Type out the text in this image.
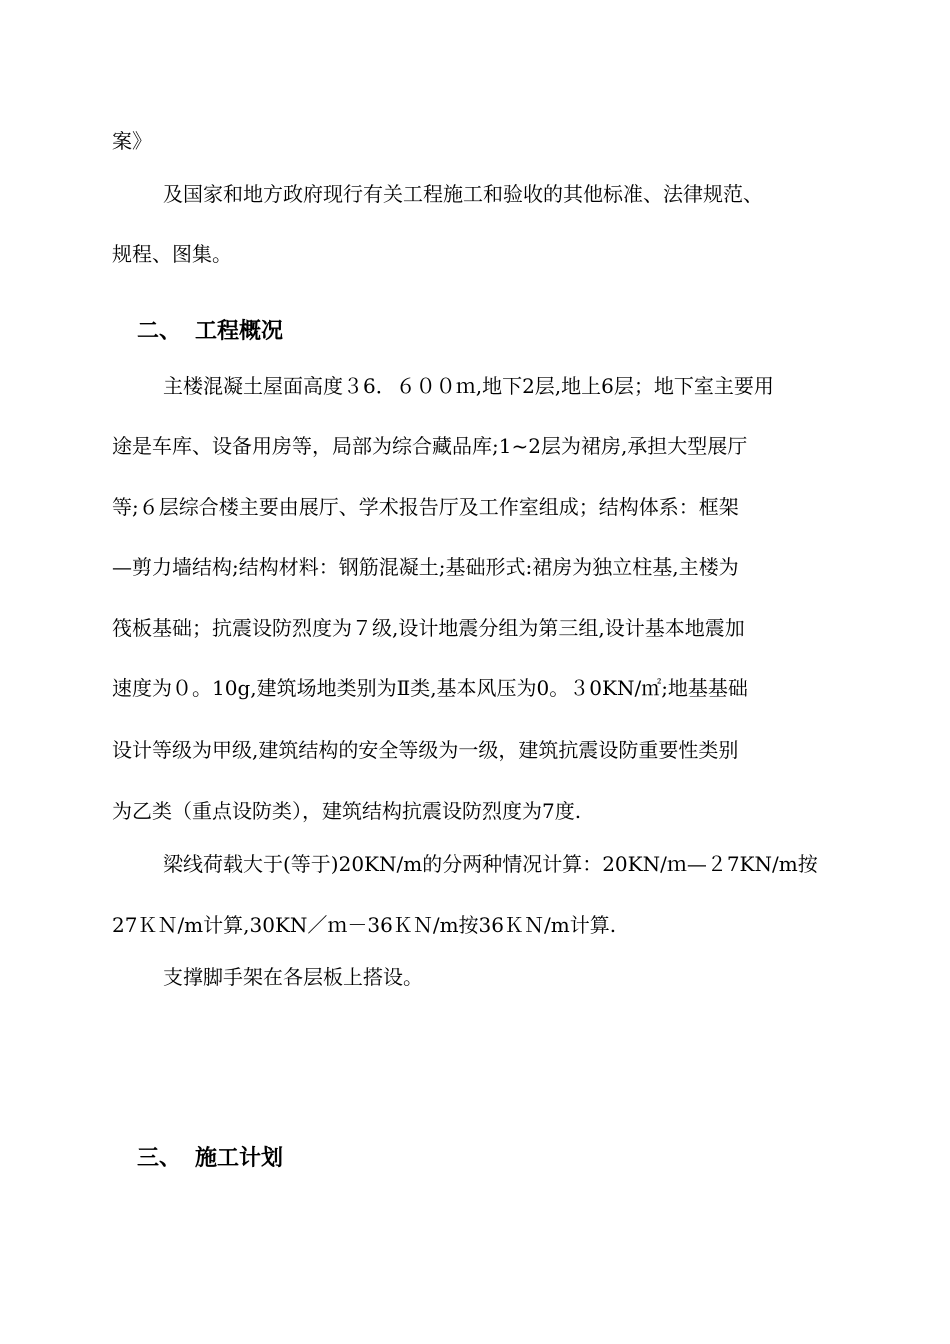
案》
及国家和地方政府现行有关工程施工和验收的其他标准、法律规范、
规程、图集。
二、 工程概况
主楼混凝土屋面高度３6．６００ｍ,地下2层,地上6层；地下室主要用
途是车库、设备用房等，局部为综合藏品库;1~2层为裙房,承担大型展厅
等;６层综合楼主要由展厅、学术报告厅及工作室组成；结构体系：框架
—剪力墙结构;结构材料：钢筋混凝土;基础形式:裙房为独立柱基,主楼为
筏板基础；抗震设防烈度为７级,设计地震分组为第三组,设计基本地震加
速度为０。10g,建筑场地类别为Ⅱ类,基本风压为0。３0KN/㎡;地基基础
设计等级为甲级,建筑结构的安全等级为一级，建筑抗震设防重要性类别
为乙类（重点设防类），建筑结构抗震设防烈度为7度.
梁线荷载大于(等于)20KN/m的分两种情况计算：20KN/ｍ—２7KN/m按
27ＫＮ/m计算,30KN／ｍ－36ＫＮ/m按36ＫＮ/m计算.
支撑脚手架在各层板上搭设。
三、 施工计划
